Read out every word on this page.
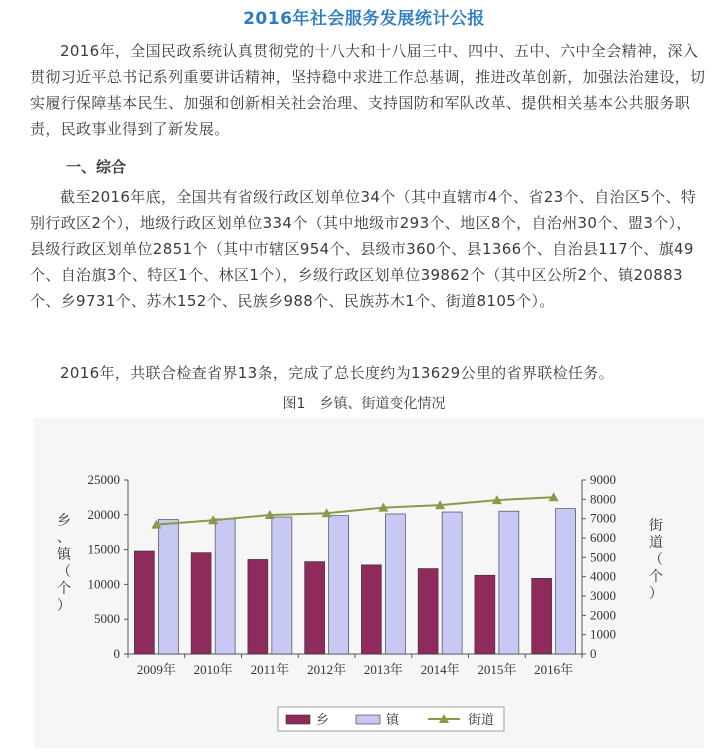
2016年社会服务发展统计公报

2016年，全国民政系统认真贯彻党的十八大和十八届三中、四中、五中、六中全会精神，深入贯彻习近平总书记系列重要讲话精神，坚持稳中求进工作总基调，推进改革创新，加强法治建设，切实履行保障基本民生、加强和创新相关社会治理、支持国防和军队改革、提供相关基本公共服务职责，民政事业得到了新发展。

一、综合

截至2016年底，全国共有省级行政区划单位34个（其中直辖市4个、省23个、自治区5个、特别行政区2个），地级行政区划单位334个（其中地级市293个、地区8个，自治州30个、盟3个），县级行政区划单位2851个（其中市辖区954个、县级市360个、县1366个、自治县117个、旗49个、自治旗3个、特区1个、林区1个），乡级行政区划单位39862个（其中区公所2个、镇20883个、乡9731个、苏木152个、民族乡988个、民族苏木1个、街道8105个）。

2016年，共联合检查省界13条，完成了总长度约为13629公里的省界联检任务。

图1　乡镇、街道变化情况
0
5000
10000
15000
20000
25000
0
1000
2000
3000
4000
5000
6000
7000
8000
9000
2009年 2010年 2011年 2012年 2013年 2014年 2015年 2016年
乡
、
镇
（
个
）
街
道
（
个
）
乡	镇	街道
